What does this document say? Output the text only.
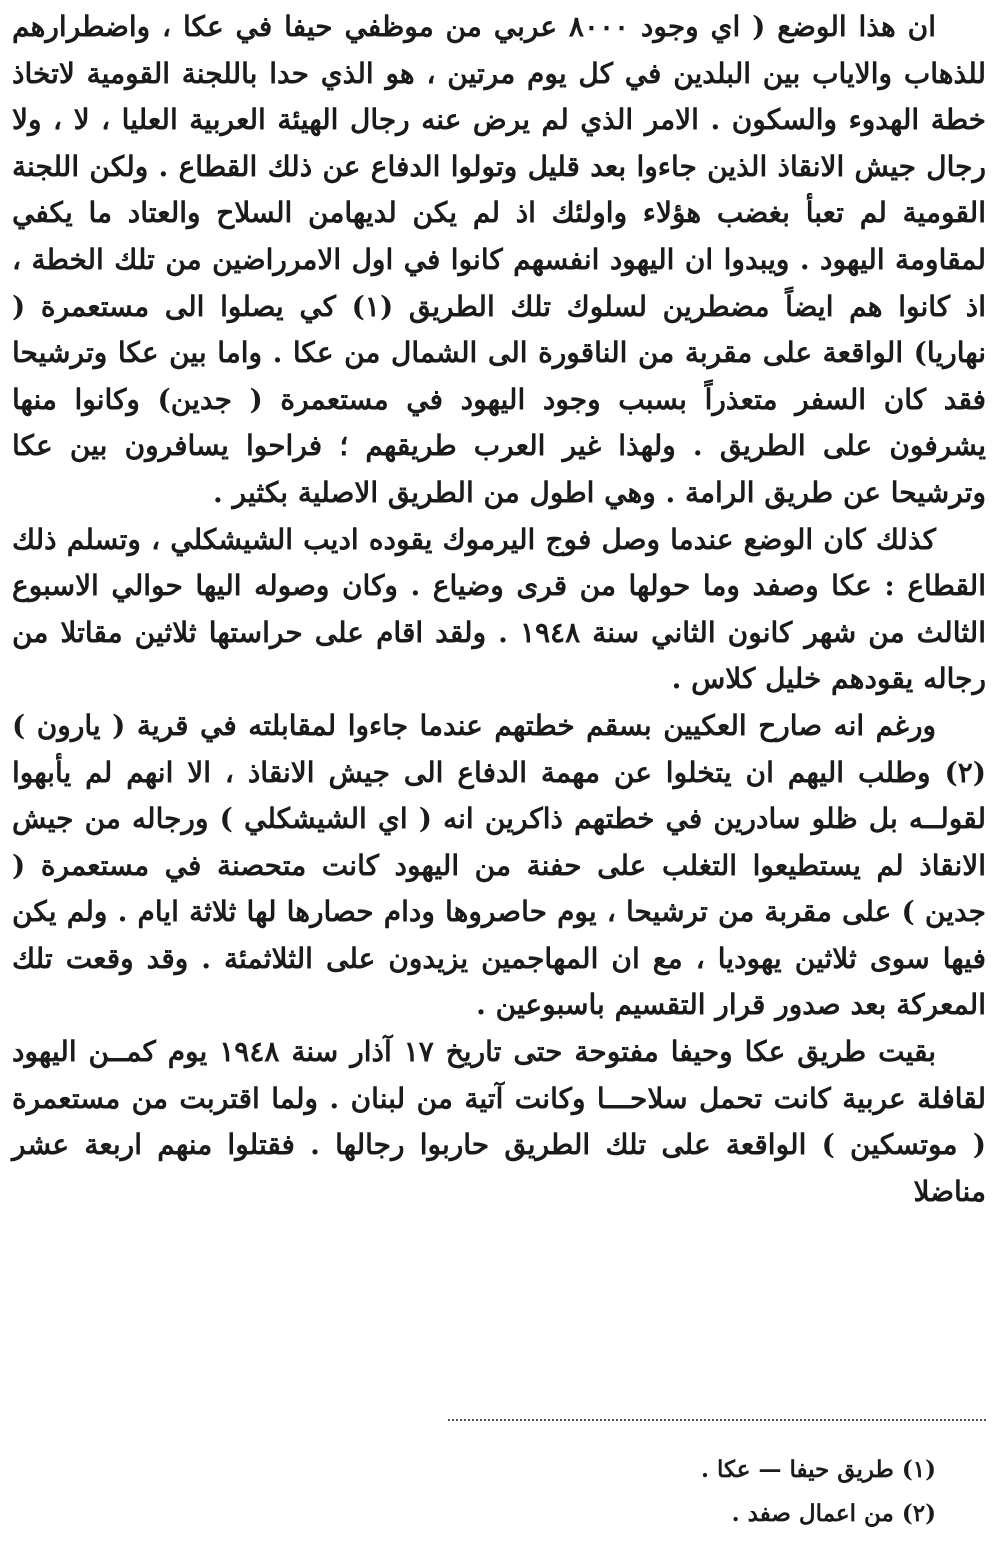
ان هذا الوضع ( اي وجود ٨٠٠٠ عربي من موظفي حيفا في عكا ، واضطرارهم للذهاب والاياب بين البلدين في كل يوم مرتين ، هو الذي حدا باللجنة القومية لاتخاذ خطة الهدوء والسكون . الامر الذي لم يرض عنه رجال الهيئة العربية العليا ، لا ، ولا رجال جيش الانقاذ الذين جاءوا بعد قليل وتولوا الدفاع عن ذلك القطاع . ولكن اللجنة القومية لم تعبأ بغضب هؤلاء واولئك اذ لم يكن لديهامن السلاح والعتاد ما يكفي لمقاومة اليهود . ويبدوا ان اليهود انفسهم كانوا في اول الامرراضين من تلك الخطة ، اذ كانوا هم ايضاً مضطرين لسلوك تلك الطريق (١) كي يصلوا الى مستعمرة ( نهاريا) الواقعة على مقربة من الناقورة الى الشمال من عكا . واما بين عكا وترشيحا فقد كان السفر متعذراً بسبب وجود اليهود في مستعمرة ( جدين) وكانوا منها يشرفون على الطريق . ولهذا غير العرب طريقهم ؛ فراحوا يسافرون بين عكا وترشيحا عن طريق الرامة . وهي اطول من الطريق الاصلية بكثير .

كذلك كان الوضع عندما وصل فوج اليرموك يقوده اديب الشيشكلي ، وتسلم ذلك القطاع : عكا وصفد وما حولها من قرى وضياع . وكان وصوله اليها حوالي الاسبوع الثالث من شهر كانون الثاني سنة ١٩٤٨ . ولقد اقام على حراستها ثلاثين مقاتلا من رجاله يقودهم خليل كلاس .

ورغم انه صارح العكيين بسقم خطتهم عندما جاءوا لمقابلته في قرية ( يارون ) (٢) وطلب اليهم ان يتخلوا عن مهمة الدفاع الى جيش الانقاذ ، الا انهم لم يأبهوا لقولــه بل ظلو سادرين في خطتهم ذاكرين انه ( اي الشيشكلي ) ورجاله من جيش الانقاذ لم يستطيعوا التغلب على حفنة من اليهود كانت متحصنة في مستعمرة ( جدين ) على مقربة من ترشيحا ، يوم حاصروها ودام حصارها لها ثلاثة ايام . ولم يكن فيها سوى ثلاثين يهوديا ، مع ان المهاجمين يزيدون على الثلاثمئة . وقد وقعت تلك المعركة بعد صدور قرار التقسيم باسبوعين .

بقيت طريق عكا وحيفا مفتوحة حتى تاريخ ١٧ آذار سنة ١٩٤٨ يوم كمــن اليهود لقافلة عربية كانت تحمل سلاحـــا وكانت آتية من لبنان . ولما اقتربت من مستعمرة ( موتسكين ) الواقعة على تلك الطريق حاربوا رجالها . فقتلوا منهم اربعة عشر مناضلا

(١) طريق حيفا — عكا .

(٢) من اعمال صفد .
